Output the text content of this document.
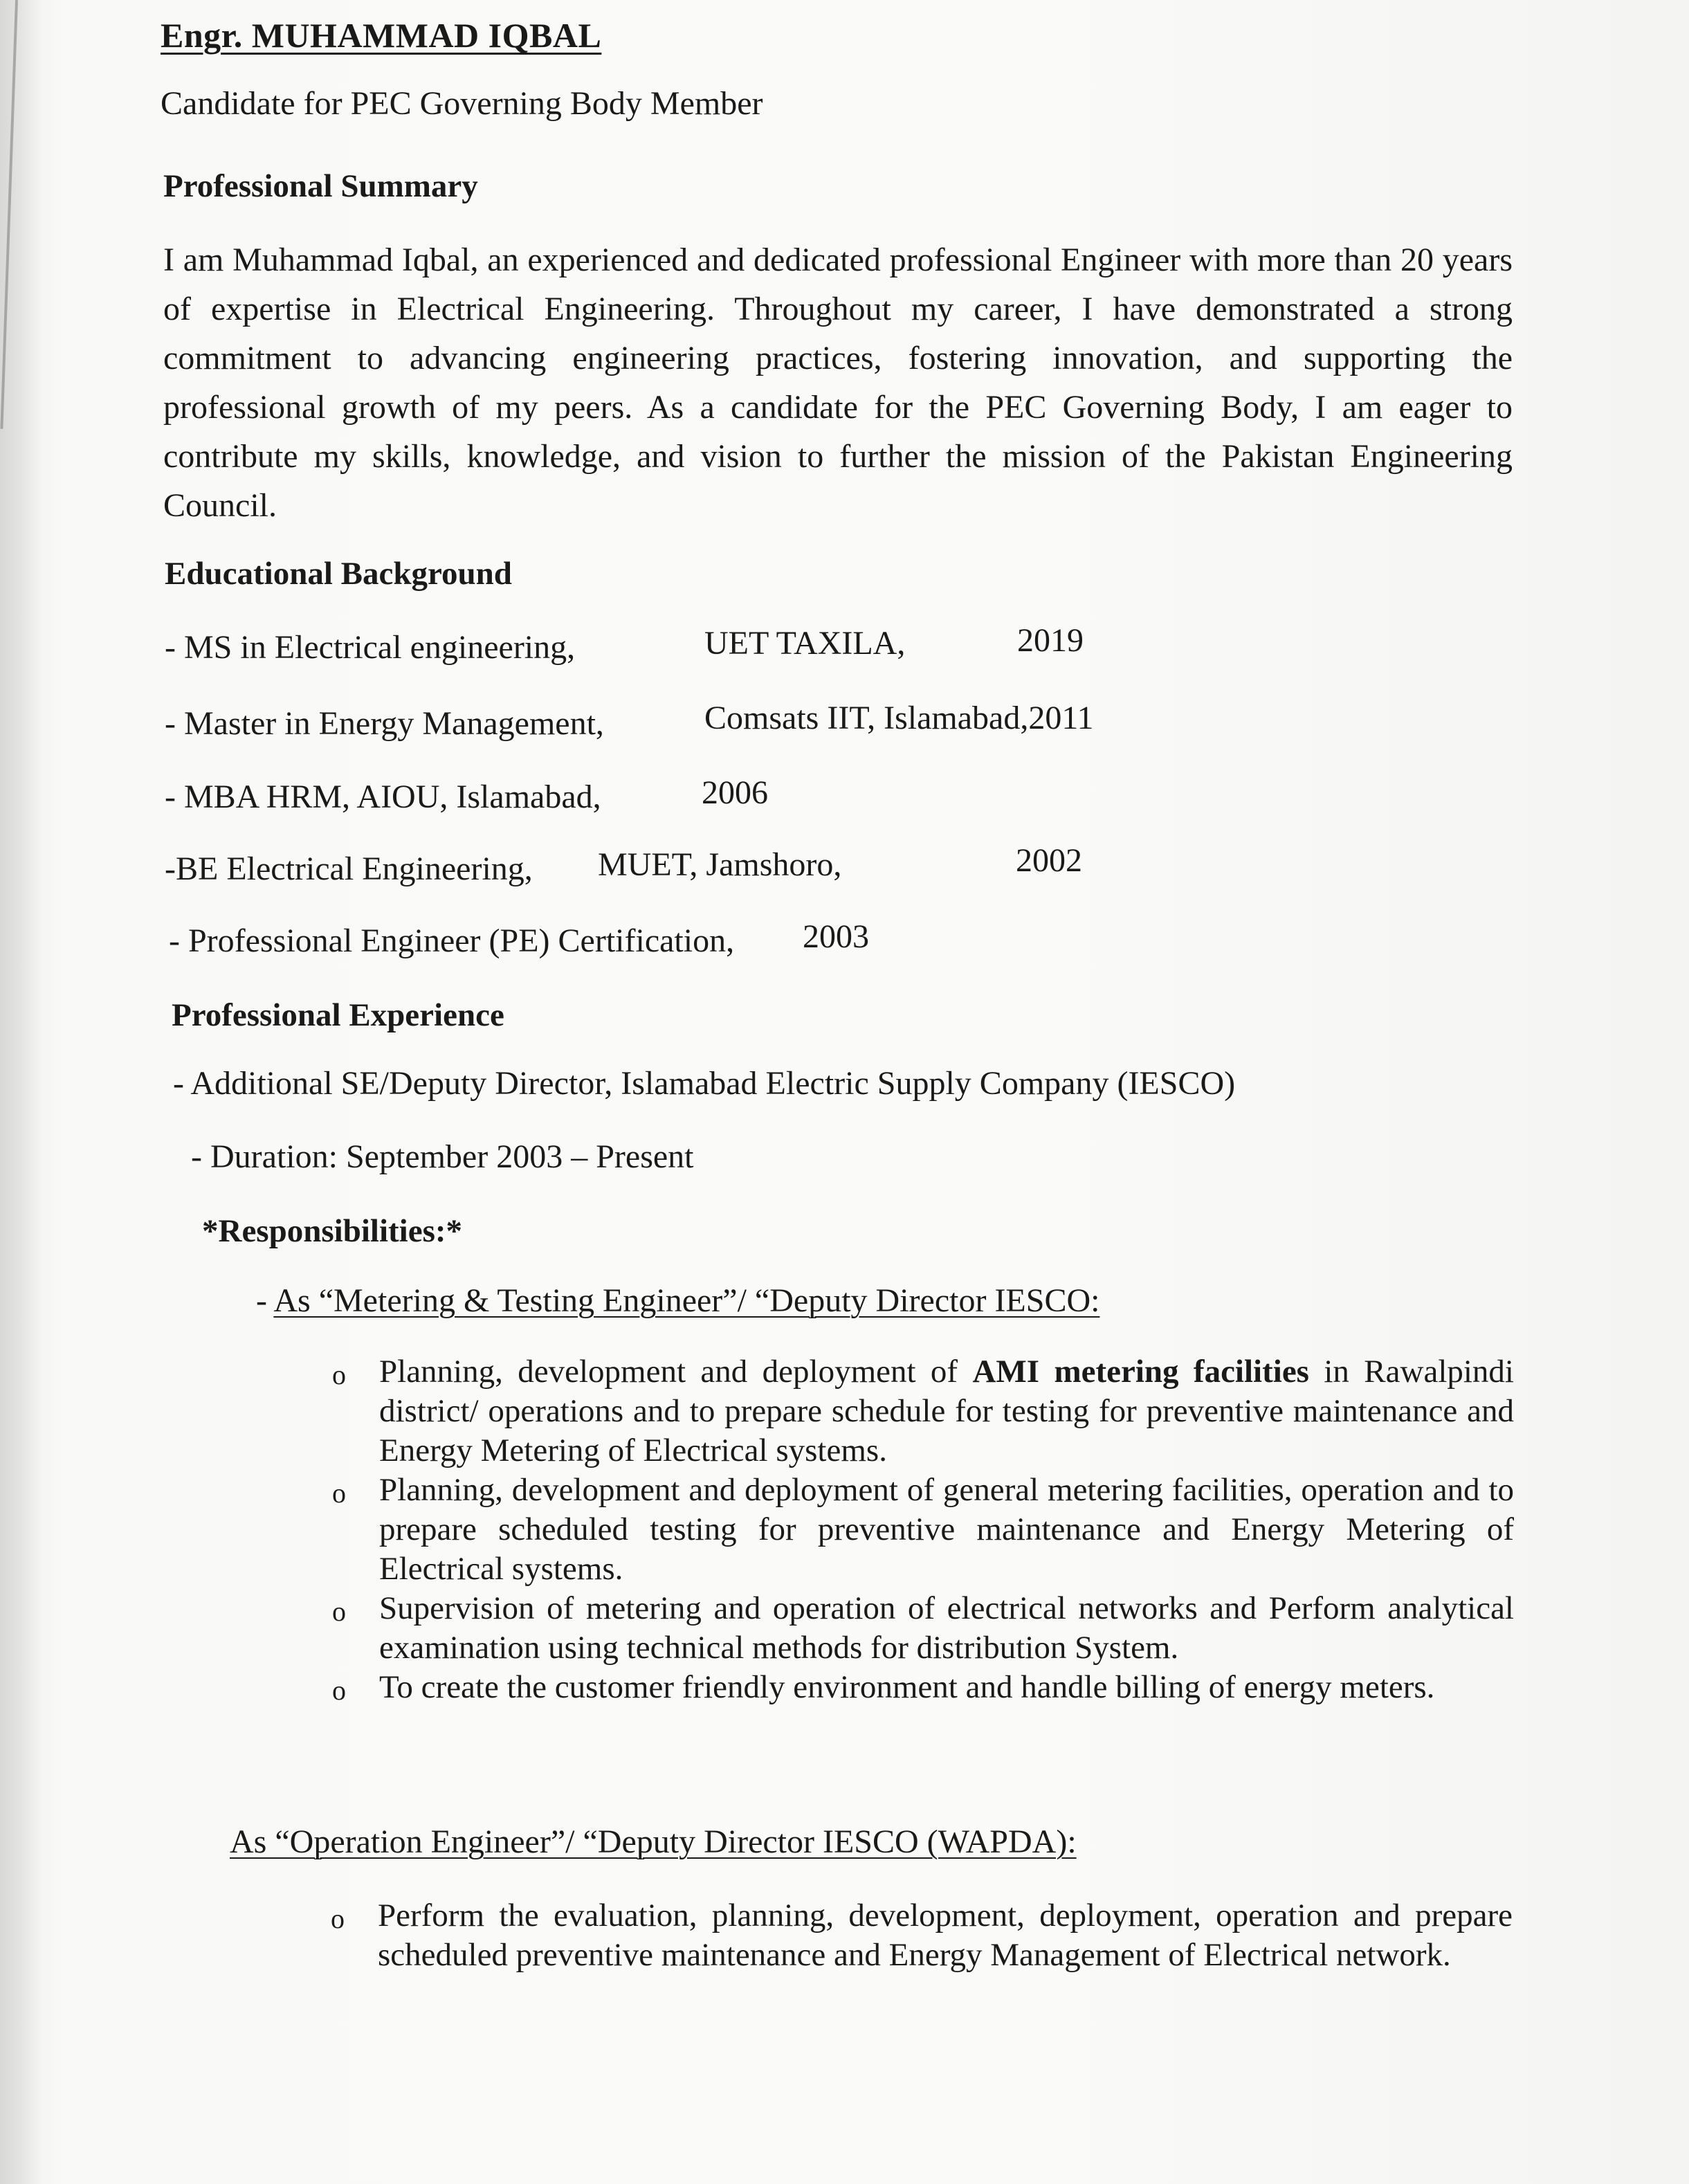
Engr. MUHAMMAD IQBAL
Candidate for PEC Governing Body Member
Professional Summary
I am Muhammad Iqbal, an experienced and dedicated professional Engineer with more than 20 years of expertise in Electrical Engineering. Throughout my career, I have demonstrated a strong commitment to advancing engineering practices, fostering innovation, and supporting the professional growth of my peers. As a candidate for the PEC Governing Body, I am eager to contribute my skills, knowledge, and vision to further the mission of the Pakistan Engineering Council.
Educational Background
- MS in Electrical engineering,	UET TAXILA,	2019
- Master in Energy Management,	Comsats IIT, Islamabad,2011
- MBA HRM, AIOU, Islamabad,	2006
-BE Electrical Engineering, MUET, Jamshoro,	2002
- Professional Engineer (PE) Certification, 2003
Professional Experience
- Additional SE/Deputy Director, Islamabad Electric Supply Company (IESCO)
- Duration: September 2003 – Present
*Responsibilities:*
- As “Metering & Testing Engineer”/ “Deputy Director IESCO:
o Planning, development and deployment of AMI metering facilities in Rawalpindi district/ operations and to prepare schedule for testing for preventive maintenance and Energy Metering of Electrical systems.
o Planning, development and deployment of general metering facilities, operation and to prepare scheduled testing for preventive maintenance and Energy Metering of Electrical systems.
o Supervision of metering and operation of electrical networks and Perform analytical examination using technical methods for distribution System.
o To create the customer friendly environment and handle billing of energy meters.
As “Operation Engineer”/ “Deputy Director IESCO (WAPDA):
o Perform the evaluation, planning, development, deployment, operation and prepare scheduled preventive maintenance and Energy Management of Electrical network.
